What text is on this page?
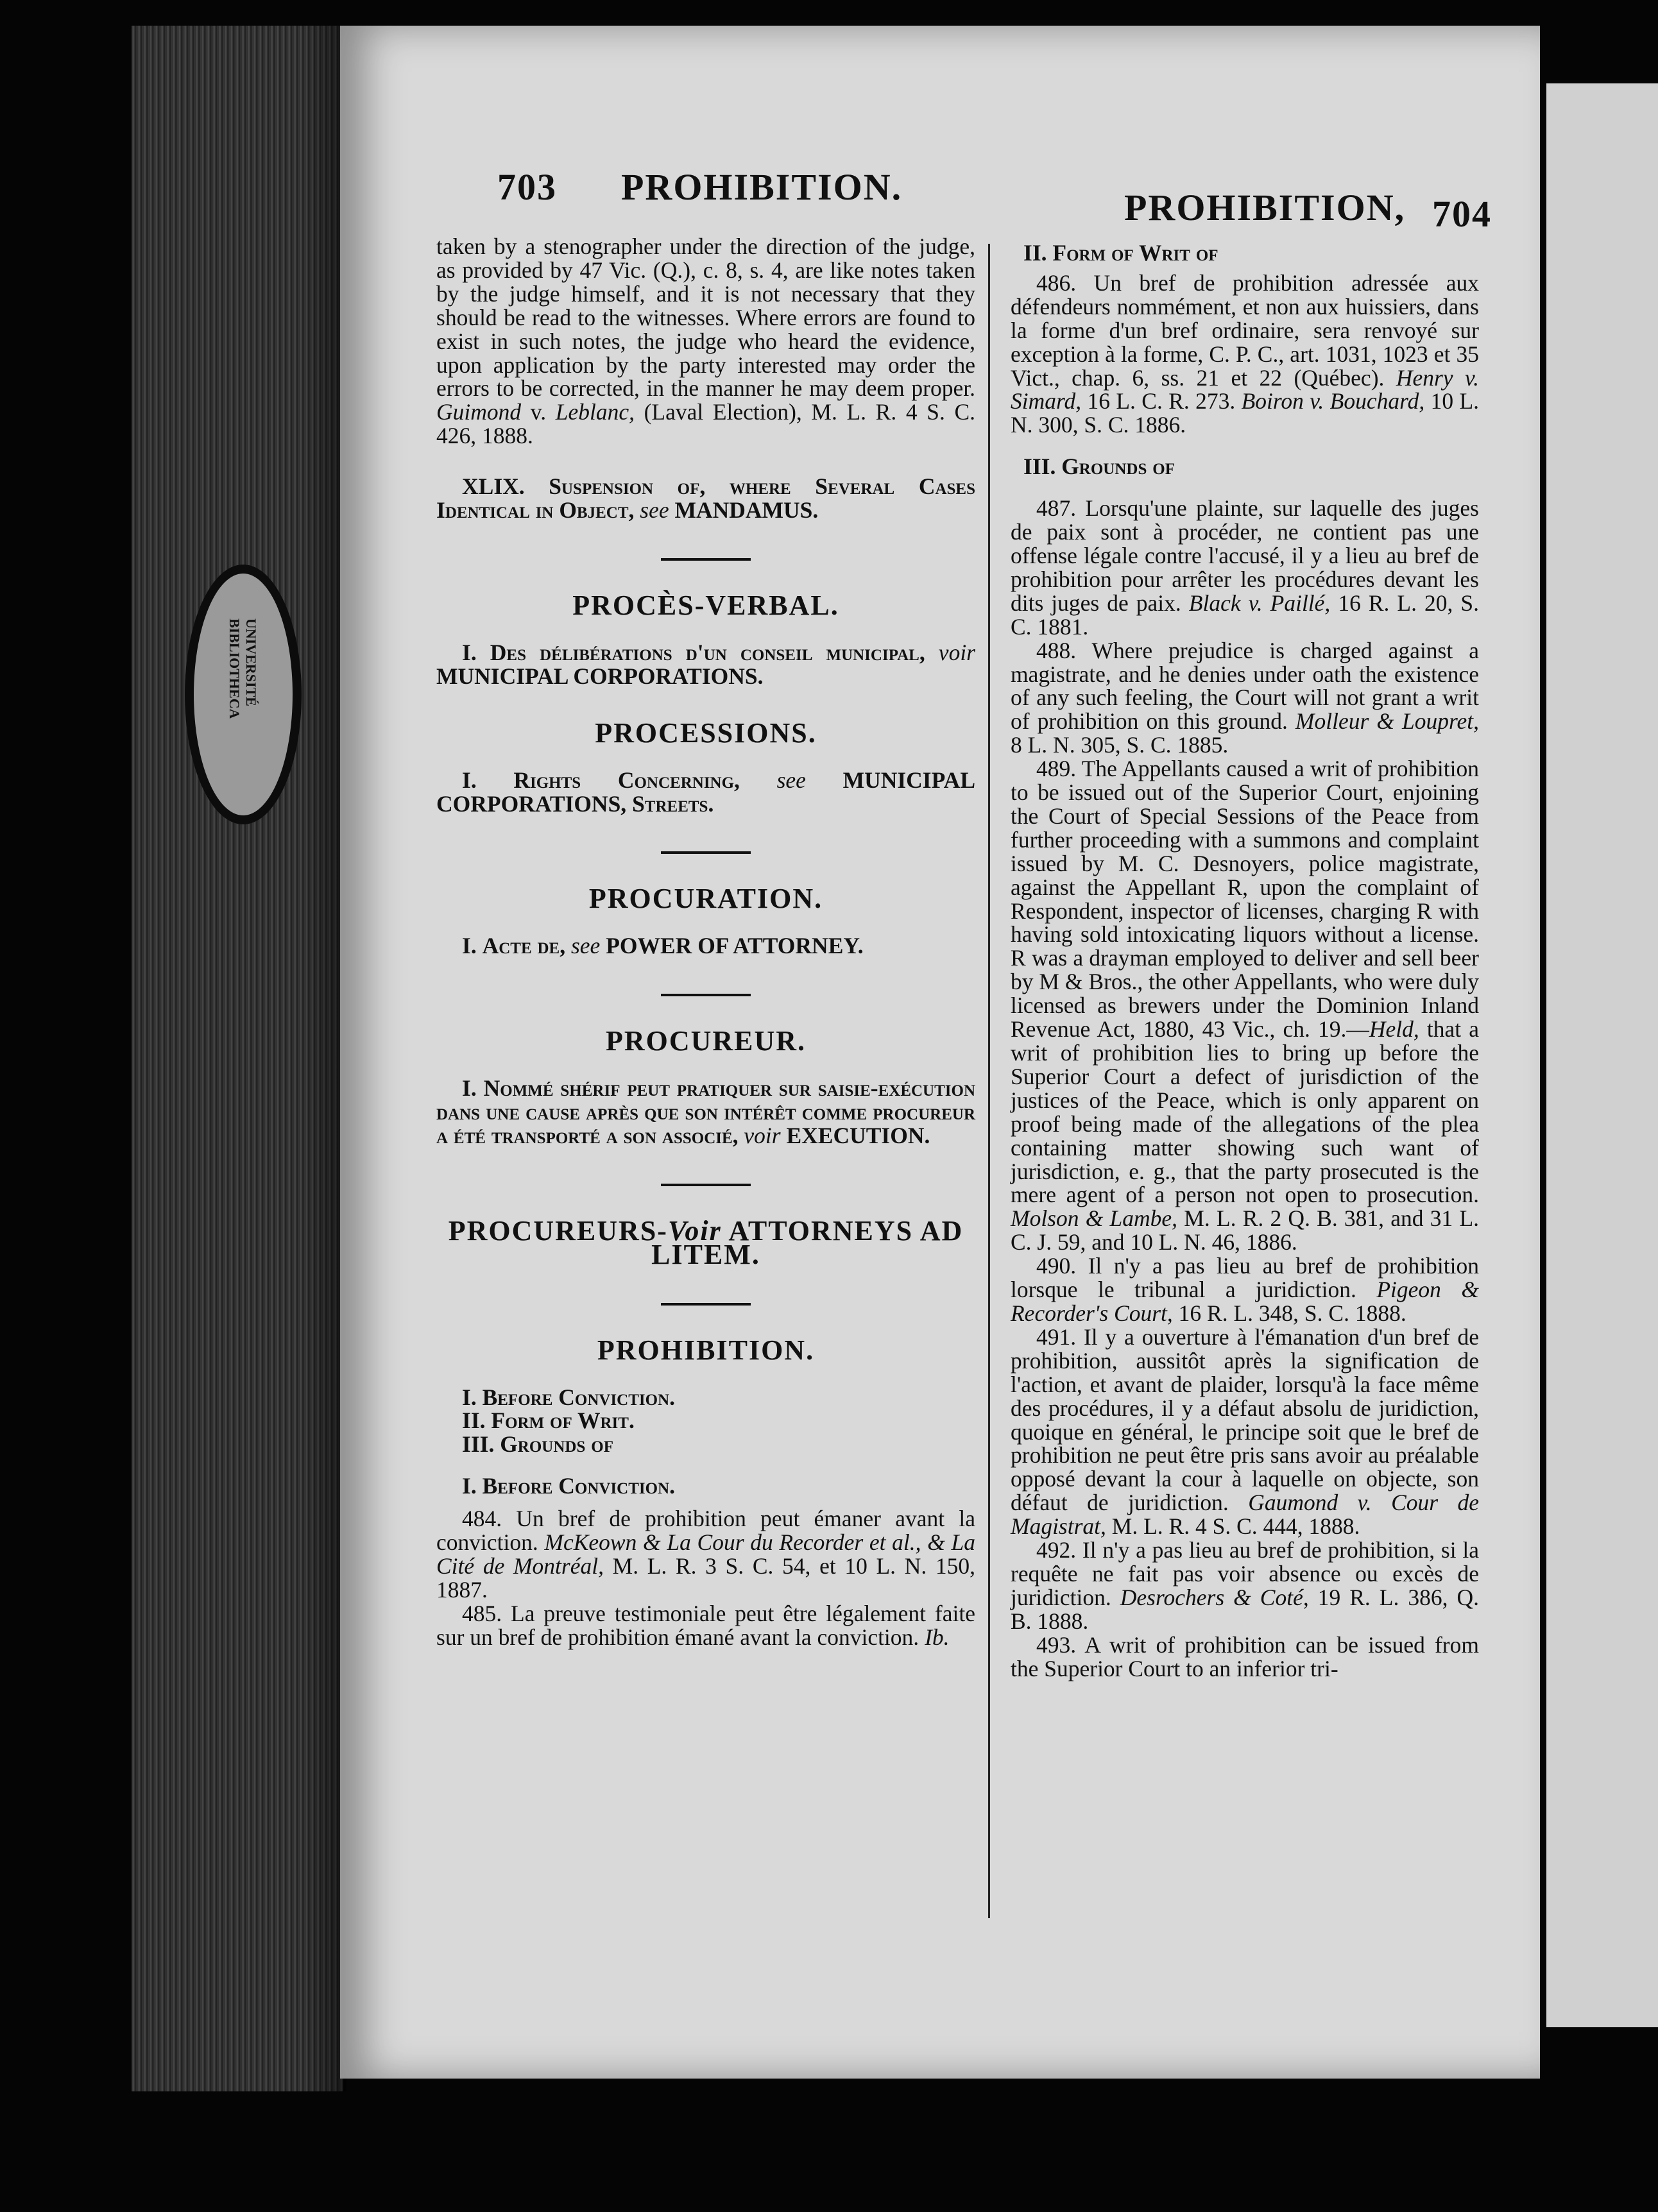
UNIVERSITÉ BIBLIOTHECA
703 PROHIBITION.	PROHIBITION, 704

taken by a stenographer under the direction of the judge, as provided by 47 Vic. (Q.), c. 8, s. 4, are like notes taken by the judge himself, and it is not necessary that they should be read to the witnesses. Where errors are found to exist in such notes, the judge who heard the evidence, upon application by the party interested may order the errors to be corrected, in the manner he may deem proper. Guimond v. Leblanc, (Laval Election), M. L. R. 4 S. C. 426, 1888.

XLIX. Suspension of, where Several Cases Identical in Object, see MANDAMUS.

PROCÈS-VERBAL.

I. Des délibérations d'un conseil municipal, voir MUNICIPAL CORPORATIONS.

PROCESSIONS.

I. Rights Concerning, see MUNICIPAL CORPORATIONS, Streets.

PROCURATION.

I. Acte de, see POWER OF ATTORNEY.

PROCUREUR.

I. Nommé shérif peut pratiquer sur saisie-exécution dans une cause après que son intérêt comme procureur a été transporté a son associé, voir EXECUTION.

PROCUREURS-Voir ATTORNEYS AD LITEM.
PROHIBITION.
I. Before Conviction.
II. Form of Writ.
III. Grounds of
I. Before Conviction.

484. Un bref de prohibition peut émaner avant la conviction. McKeown & La Cour du Recorder et al., & La Cité de Montréal, M. L. R. 3 S. C. 54, et 10 L. N. 150, 1887.

485. La preuve testimoniale peut être légalement faite sur un bref de prohibition émané avant la conviction. Ib.

II. Form of Writ of

486. Un bref de prohibition adressée aux défendeurs nommément, et non aux huissiers, dans la forme d'un bref ordinaire, sera renvoyé sur exception à la forme, C. P. C., art. 1031, 1023 et 35 Vict., chap. 6, ss. 21 et 22 (Québec). Henry v. Simard, 16 L. C. R. 273. Boiron v. Bouchard, 10 L. N. 300, S. C. 1886.

III. Grounds of

487. Lorsqu'une plainte, sur laquelle des juges de paix sont à procéder, ne contient pas une offense légale contre l'accusé, il y a lieu au bref de prohibition pour arrêter les procédures devant les dits juges de paix. Black v. Paillé, 16 R. L. 20, S. C. 1881.

488. Where prejudice is charged against a magistrate, and he denies under oath the existence of any such feeling, the Court will not grant a writ of prohibition on this ground. Molleur & Loupret, 8 L. N. 305, S. C. 1885.

489. The Appellants caused a writ of prohibition to be issued out of the Superior Court, enjoining the Court of Special Sessions of the Peace from further proceeding with a summons and complaint issued by M. C. Desnoyers, police magistrate, against the Appellant R, upon the complaint of Respondent, inspector of licenses, charging R with having sold intoxicating liquors without a license. R was a drayman employed to deliver and sell beer by M & Bros., the other Appellants, who were duly licensed as brewers under the Dominion Inland Revenue Act, 1880, 43 Vic., ch. 19.—Held, that a writ of prohibition lies to bring up before the Superior Court a defect of jurisdiction of the justices of the Peace, which is only apparent on proof being made of the allegations of the plea containing matter showing such want of jurisdiction, e. g., that the party prosecuted is the mere agent of a person not open to prosecution. Molson & Lambe, M. L. R. 2 Q. B. 381, and 31 L. C. J. 59, and 10 L. N. 46, 1886.

490. Il n'y a pas lieu au bref de prohibition lorsque le tribunal a juridiction. Pigeon & Recorder's Court, 16 R. L. 348, S. C. 1888.

491. Il y a ouverture à l'émanation d'un bref de prohibition, aussitôt après la signification de l'action, et avant de plaider, lorsqu'à la face même des procédures, il y a défaut absolu de juridiction, quoique en général, le principe soit que le bref de prohibition ne peut être pris sans avoir au préalable opposé devant la cour à laquelle on objecte, son défaut de juridiction. Gaumond v. Cour de Magistrat, M. L. R. 4 S. C. 444, 1888.

492. Il n'y a pas lieu au bref de prohibition, si la requête ne fait pas voir absence ou excès de juridiction. Desrochers & Coté, 19 R. L. 386, Q. B. 1888.

493. A writ of prohibition can be issued from the Superior Court to an inferior tri-
